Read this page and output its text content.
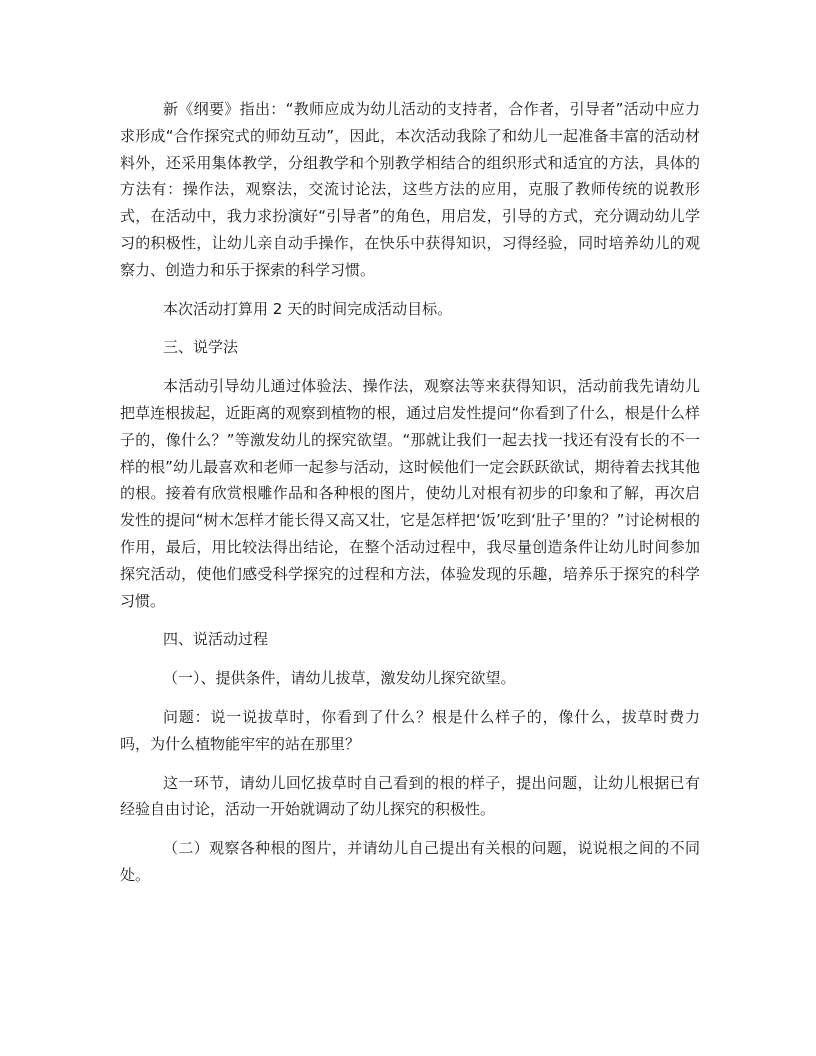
新《纲要》指出：“教师应成为幼儿活动的支持者，合作者，引导者”活动中应力求形成“合作探究式的师幼互动”，因此，本次活动我除了和幼儿一起准备丰富的活动材料外，还采用集体教学，分组教学和个别教学相结合的组织形式和适宜的方法，具体的方法有：操作法，观察法，交流讨论法，这些方法的应用，克服了教师传统的说教形式，在活动中，我力求扮演好“引导者”的角色，用启发，引导的方式，充分调动幼儿学习的积极性，让幼儿亲自动手操作，在快乐中获得知识，习得经验，同时培养幼儿的观察力、创造力和乐于探索的科学习惯。

本次活动打算用 2 天的时间完成活动目标。

三、说学法

本活动引导幼儿通过体验法、操作法，观察法等来获得知识，活动前我先请幼儿把草连根拔起，近距离的观察到植物的根，通过启发性提问“你看到了什么，根是什么样子的，像什么？”等激发幼儿的探究欲望。“那就让我们一起去找一找还有没有长的不一样的根”幼儿最喜欢和老师一起参与活动，这时候他们一定会跃跃欲试，期待着去找其他的根。接着有欣赏根雕作品和各种根的图片，使幼儿对根有初步的印象和了解，再次启发性的提问“树木怎样才能长得又高又壮，它是怎样把‘饭’吃到‘肚子’里的？”讨论树根的作用，最后，用比较法得出结论，在整个活动过程中，我尽量创造条件让幼儿时间参加探究活动，使他们感受科学探究的过程和方法，体验发现的乐趣，培养乐于探究的科学习惯。

四、说活动过程

（一）、提供条件，请幼儿拔草，激发幼儿探究欲望。

问题：说一说拔草时，你看到了什么？根是什么样子的，像什么，拔草时费力吗，为什么植物能牢牢的站在那里？

这一环节，请幼儿回忆拔草时自己看到的根的样子，提出问题，让幼儿根据已有经验自由讨论，活动一开始就调动了幼儿探究的积极性。

（二）观察各种根的图片，并请幼儿自己提出有关根的问题，说说根之间的不同处。
